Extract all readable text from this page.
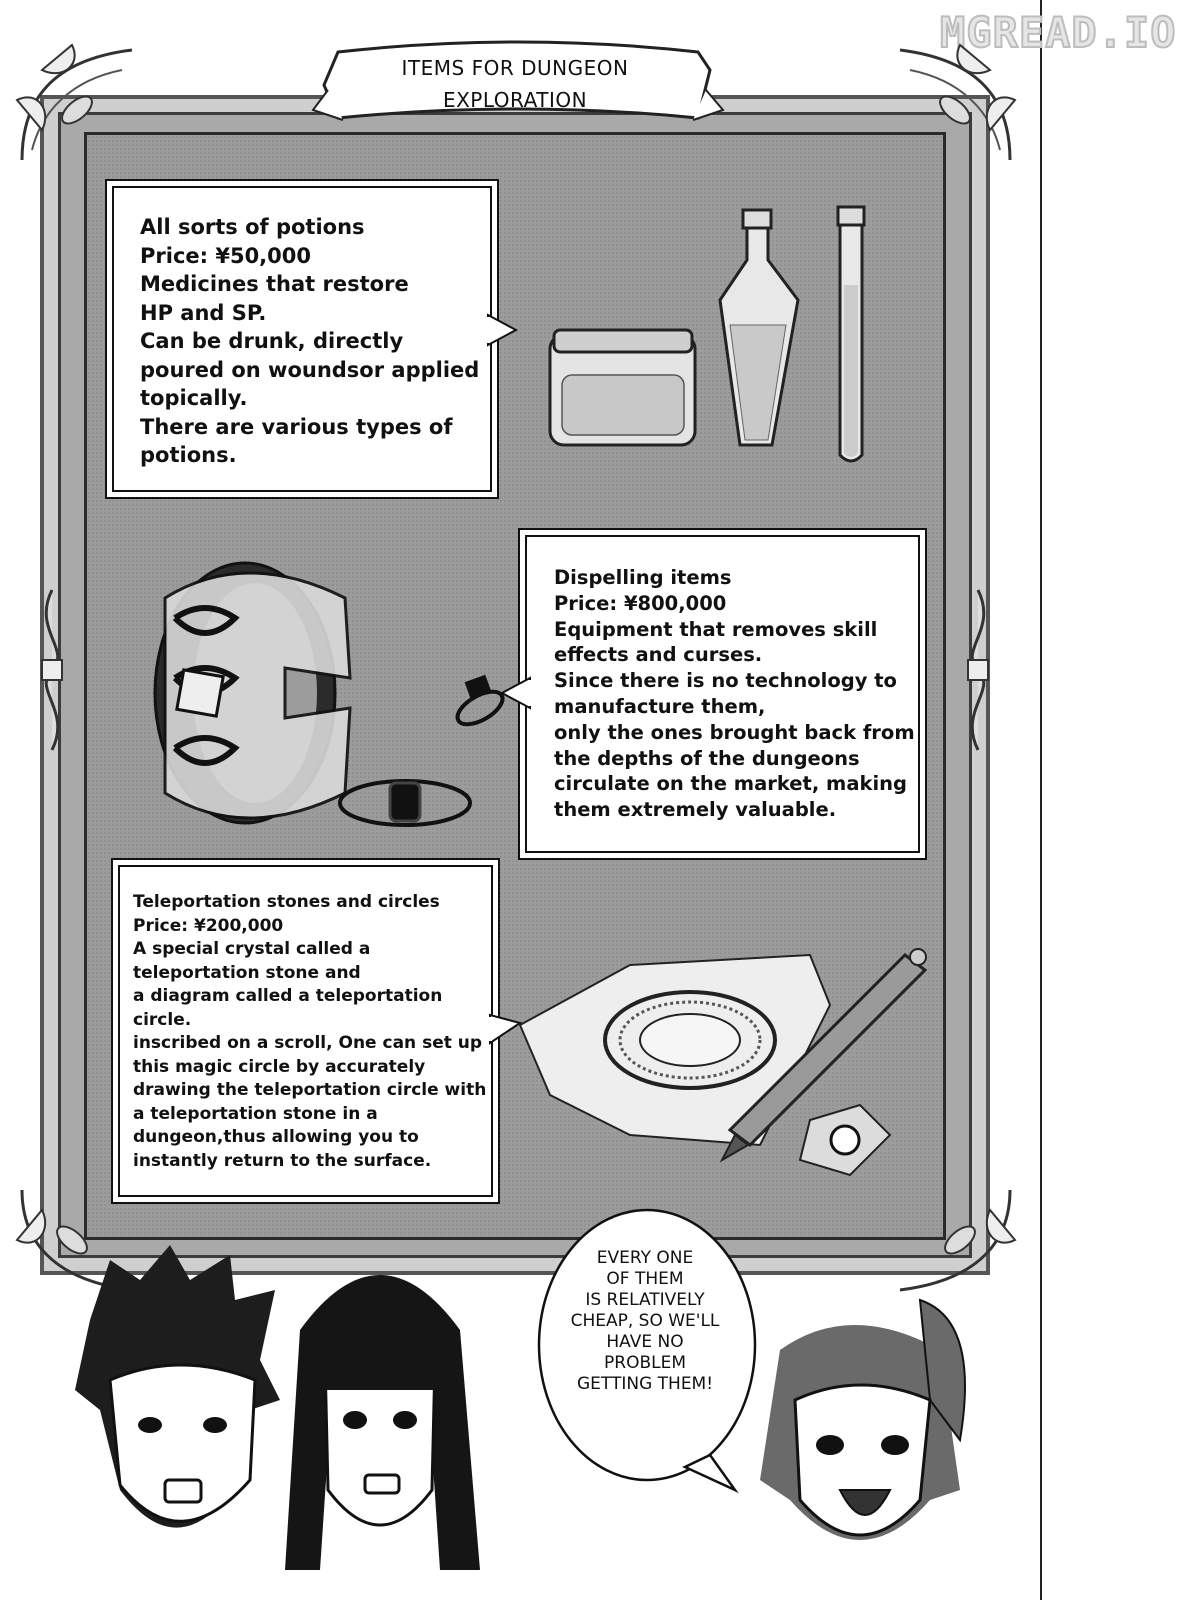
MGREAD.IO
ITEMS FOR DUNGEON
EXPLORATION
All sorts of potions
Price: ¥50,000
Medicines that restore
HP and SP.
Can be drunk, directly
poured on woundsor applied
topically.
There are various types of
potions.
Dispelling items
Price: ¥800,000
Equipment that removes skill
effects and curses.
Since there is no technology to
manufacture them,
only the ones brought back from
the depths of the dungeons
circulate on the market, making
them extremely valuable.
Teleportation stones and circles
Price: ¥200,000
A special crystal called a
teleportation stone and
a diagram called a teleportation
circle.
inscribed on a scroll, One can set up
this magic circle by accurately
drawing the teleportation circle with
a teleportation stone in a
dungeon,thus allowing you to
instantly return to the surface.
EVERY ONE
OF THEM
IS RELATIVELY
CHEAP, SO WE'LL
HAVE NO
PROBLEM
GETTING THEM!
